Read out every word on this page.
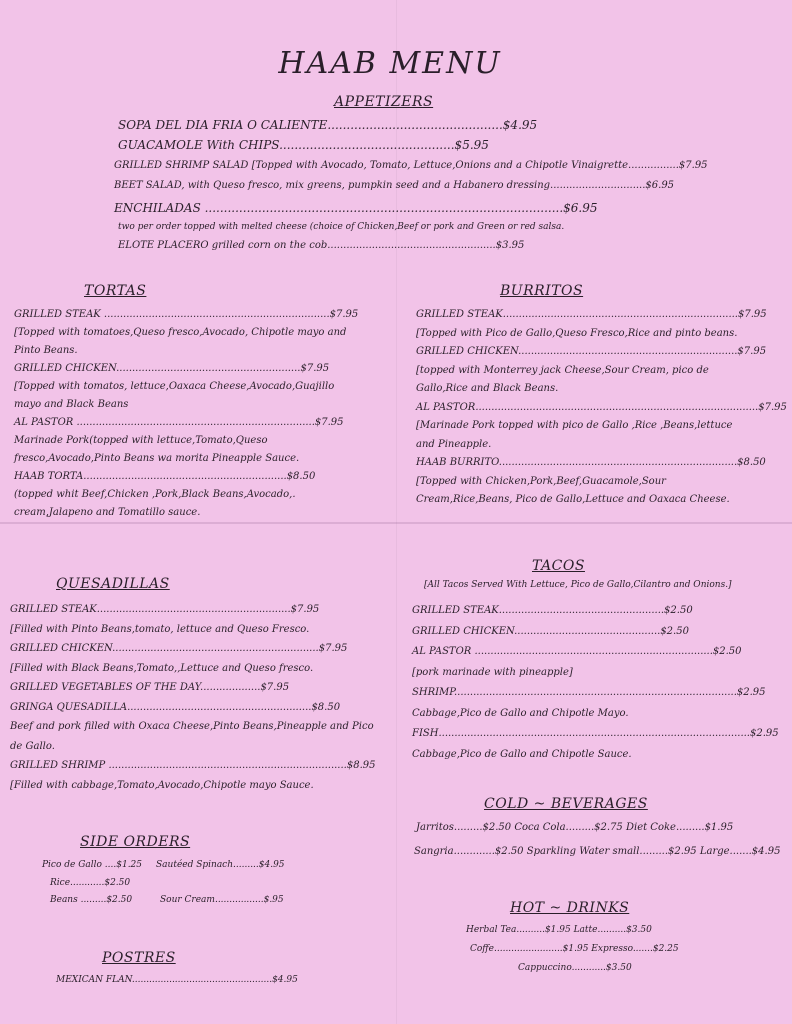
HAAB MENU
APPETIZERS
SOPA DEL DIA FRIA O CALIENTE..............................................$4.95
GUACAMOLE With CHIPS..............................................$5.95
GRILLED SHRIMP SALAD [Topped with Avocado, Tomato, Lettuce,Onions and a Chipotle Vinaigrette................$7.95
BEET SALAD, with Queso fresco, mix greens, pumpkin seed and a Habanero dressing..............................$6.95
ENCHILADAS ..............................................................................................$6.95
two per order topped with melted cheese (choice of Chicken,Beef or pork and Green or red salsa.
ELOTE PLACERO grilled corn on the cob.....................................................$3.95
TORTAS
GRILLED STEAK .......................................................................$7.95
[Topped with tomatoes,Queso fresco,Avocado, Chipotle mayo and
Pinto Beans.
GRILLED CHICKEN..........................................................$7.95
[Topped with tomatos, lettuce,Oaxaca Cheese,Avocado,Guajillo
mayo and Black Beans
AL PASTOR ...........................................................................$7.95
Marinade Pork(topped with lettuce,Tomato,Queso
fresco,Avocado,Pinto Beans wa morita Pineapple Sauce.
HAAB TORTA................................................................$8.50
(topped whit Beef,Chicken ,Pork,Black Beans,Avocado,.
cream,Jalapeno and Tomatillo sauce.
BURRITOS
GRILLED STEAK..........................................................................$7.95
[Topped with Pico de Gallo,Queso Fresco,Rice and pinto beans.
GRILLED CHICKEN.....................................................................$7.95
[topped with Monterrey jack Cheese,Sour Cream, pico de
Gallo,Rice and Black Beans.
AL PASTOR.........................................................................................$7.95
[Marinade Pork topped with pico de Gallo ,Rice ,Beans,lettuce
and Pineapple.
HAAB BURRITO...........................................................................$8.50
[Topped with Chicken,Pork,Beef,Guacamole,Sour
Cream,Rice,Beans, Pico de Gallo,Lettuce and Oaxaca Cheese.
QUESADILLAS
GRILLED STEAK.............................................................$7.95
[Filled with Pinto Beans,tomato, lettuce and Queso Fresco.
GRILLED CHICKEN.................................................................$7.95
[Filled with Black Beans,Tomato,,Lettuce and Queso fresco.
GRILLED VEGETABLES OF THE DAY...................$7.95
GRINGA QUESADILLA..........................................................$8.50
Beef and pork filled with Oxaca Cheese,Pinto Beans,Pineapple and Pico
de Gallo.
GRILLED SHRIMP ...........................................................................$8.95
[Filled with cabbage,Tomato,Avocado,Chipotle mayo Sauce.
TACOS
[All Tacos Served With Lettuce, Pico de Gallo,Cilantro and Onions.]
GRILLED STEAK....................................................$2.50
GRILLED CHICKEN..............................................$2.50
AL PASTOR ...........................................................................$2.50
[pork marinade with pineapple]
SHRIMP.........................................................................................$2.95
Cabbage,Pico de Gallo and Chipotle Mayo.
FISH..................................................................................................$2.95
Cabbage,Pico de Gallo and Chipotle Sauce.
COLD ~ BEVERAGES
Jarritos.........$2.50 Coca Cola.........$2.75 Diet Coke.........$1.95
Sangria.............$2.50 Sparkling Water small.........$2.95 Large.......$4.95
SIDE ORDERS
Pico de Gallo ....$1.25 Sautéed Spinach.........$4.95
Rice............$2.50
Beans .........$2.50	Sour Cream.................$.95	HOT ~ DRINKS
Herbal Tea..........$1.95 Latte..........$3.50
Coffe........................$1.95 Expresso.......$2.25
Cappuccino............$3.50
POSTRES
MEXICAN FLAN.................................................$4.95
